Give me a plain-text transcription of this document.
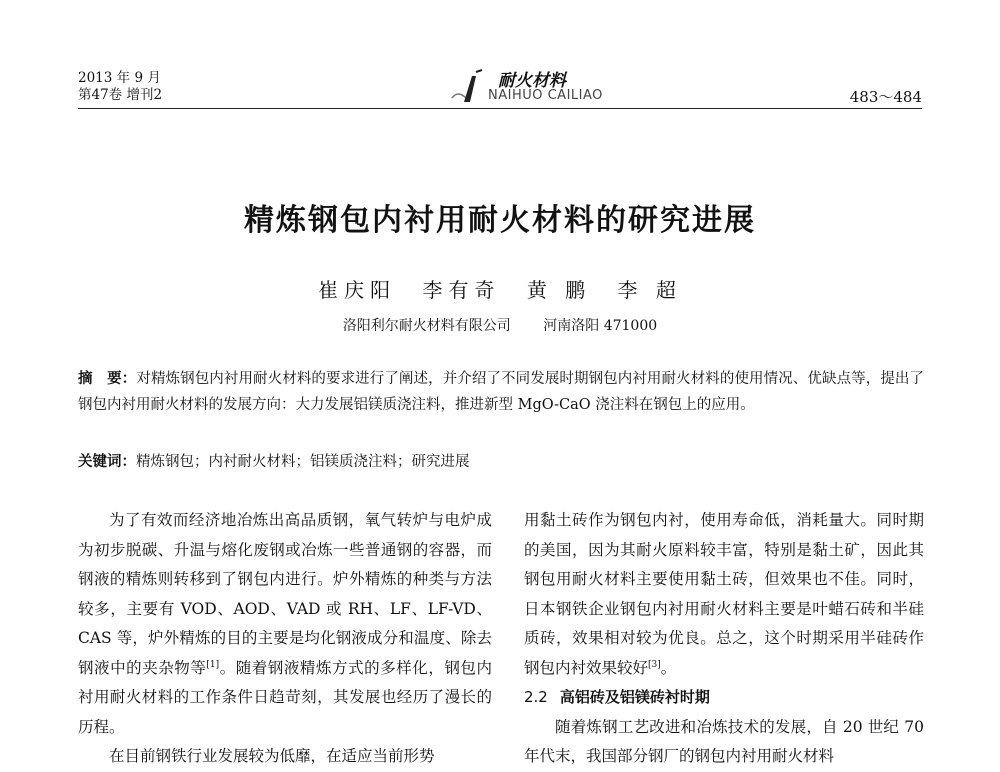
2013 年 9 月
第47卷 增刊2
耐火材料
NAIHUO CAILIAO	483～484
精炼钢包内衬用耐火材料的研究进展
崔庆阳 李有奇 黄 鹏 李 超
洛阳利尔耐火材料有限公司 河南洛阳 471000
摘　要：对精炼钢包内衬用耐火材料的要求进行了阐述，并介绍了不同发展时期钢包内衬用耐火材料的使用情况、优缺点等，提出了钢包内衬用耐火材料的发展方向：大力发展铝镁质浇注料，推进新型 MgO-CaO 浇注料在钢包上的应用。
关键词：精炼钢包；内衬耐火材料；铝镁质浇注料；研究进展

为了有效而经济地冶炼出高品质钢，氧气转炉与电炉成为初步脱碳、升温与熔化废钢或冶炼一些普通钢的容器，而钢液的精炼则转移到了钢包内进行。炉外精炼的种类与方法较多，主要有 VOD、AOD、VAD 或 RH、LF、LF-VD、CAS 等，炉外精炼的目的主要是均化钢液成分和温度、除去钢液中的夹杂物等[1]。随着钢液精炼方式的多样化，钢包内衬用耐火材料的工作条件日趋苛刻，其发展也经历了漫长的历程。

在目前钢铁行业发展较为低靡，在适应当前形势

用黏土砖作为钢包内衬，使用寿命低，消耗量大。同时期的美国，因为其耐火原料较丰富，特别是黏土矿，因此其钢包用耐火材料主要使用黏土砖，但效果也不佳。同时，日本钢铁企业钢包内衬用耐火材料主要是叶蜡石砖和半硅质砖，效果相对较为优良。总之，这个时期采用半硅砖作钢包内衬效果较好[3]。

2.2 高铝砖及铝镁砖衬时期

随着炼钢工艺改进和冶炼技术的发展，自 20 世纪 70 年代末，我国部分钢厂的钢包内衬用耐火材料
